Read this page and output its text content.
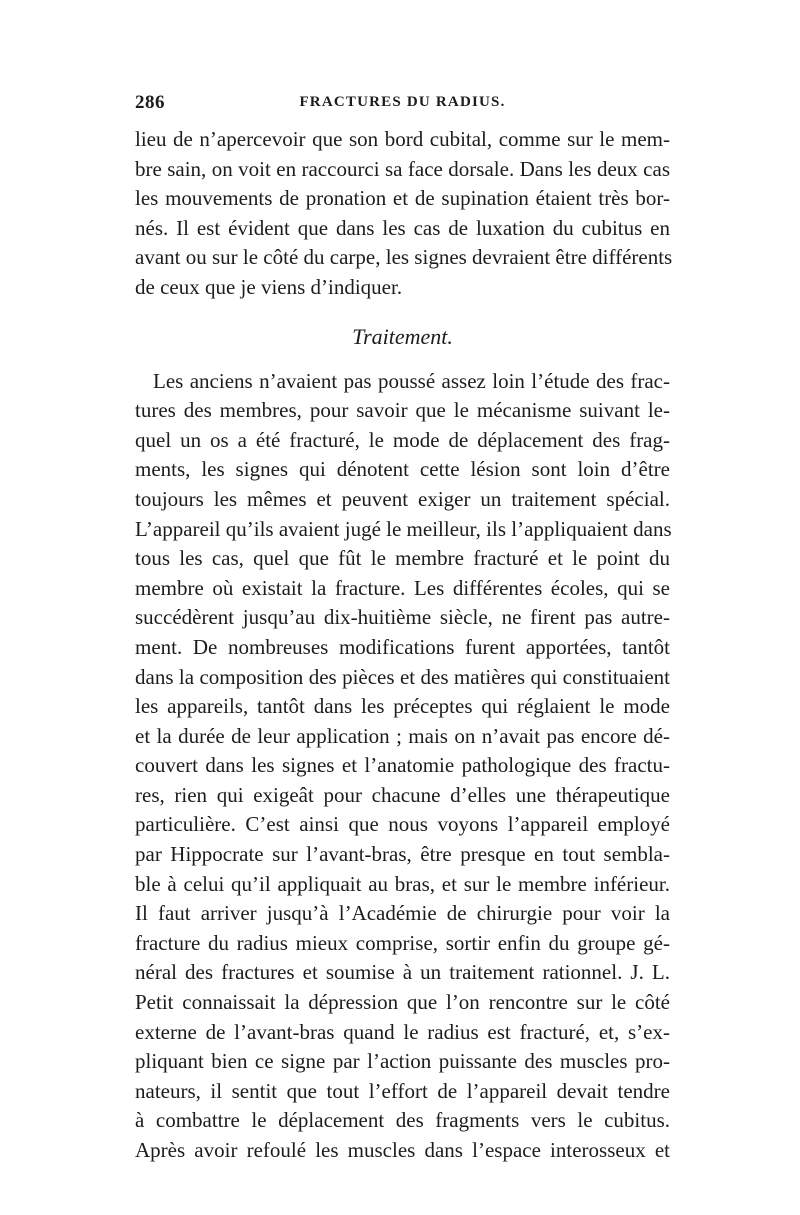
286	FRACTURES DU RADIUS.
lieu de n’apercevoir que son bord cubital, comme sur le mem-
bre sain, on voit en raccourci sa face dorsale. Dans les deux cas
les mouvements de pronation et de supination étaient très bor-
nés. Il est évident que dans les cas de luxation du cubitus en
avant ou sur le côté du carpe, les signes devraient être différents
de ceux que je viens d’indiquer.
Traitement.
Les anciens n’avaient pas poussé assez loin l’étude des frac-
tures des membres, pour savoir que le mécanisme suivant le-
quel un os a été fracturé, le mode de déplacement des frag-
ments, les signes qui dénotent cette lésion sont loin d’être
toujours les mêmes et peuvent exiger un traitement spécial.
L’appareil qu’ils avaient jugé le meilleur, ils l’appliquaient dans
tous les cas, quel que fût le membre fracturé et le point du
membre où existait la fracture. Les différentes écoles, qui se
succédèrent jusqu’au dix-huitième siècle, ne firent pas autre-
ment. De nombreuses modifications furent apportées, tantôt
dans la composition des pièces et des matières qui constituaient
les appareils, tantôt dans les préceptes qui réglaient le mode
et la durée de leur application ; mais on n’avait pas encore dé-
couvert dans les signes et l’anatomie pathologique des fractu-
res, rien qui exigeât pour chacune d’elles une thérapeutique
particulière. C’est ainsi que nous voyons l’appareil employé
par Hippocrate sur l’avant-bras, être presque en tout sembla-
ble à celui qu’il appliquait au bras, et sur le membre inférieur.
Il faut arriver jusqu’à l’Académie de chirurgie pour voir la
fracture du radius mieux comprise, sortir enfin du groupe gé-
néral des fractures et soumise à un traitement rationnel. J. L.
Petit connaissait la dépression que l’on rencontre sur le côté
externe de l’avant-bras quand le radius est fracturé, et, s’ex-
pliquant bien ce signe par l’action puissante des muscles pro-
nateurs, il sentit que tout l’effort de l’appareil devait tendre
à combattre le déplacement des fragments vers le cubitus.
Après avoir refoulé les muscles dans l’espace interosseux et
